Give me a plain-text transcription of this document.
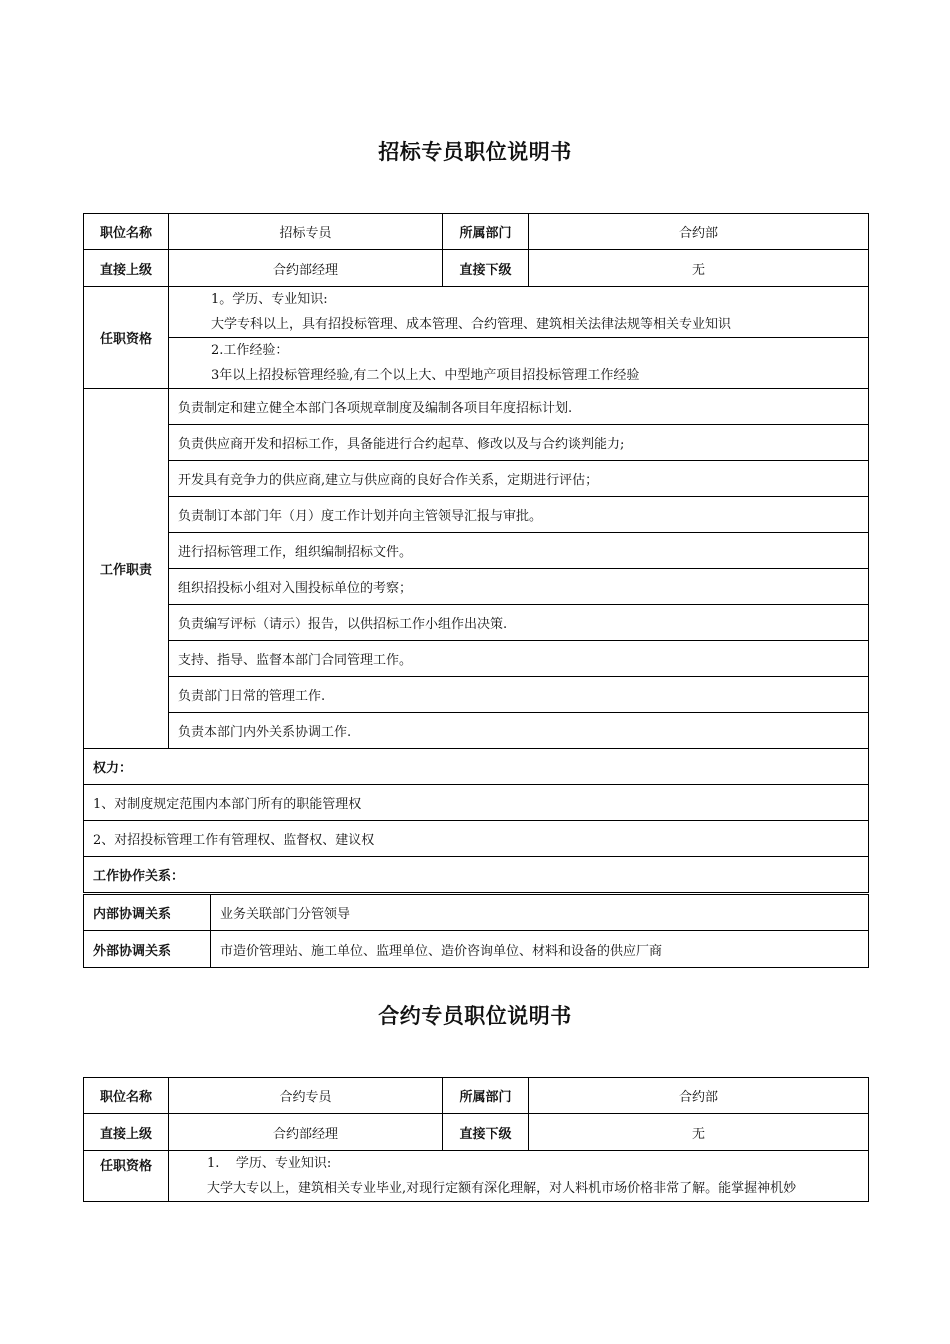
招标专员职位说明书
职位名称	招标专员	所属部门	合约部
直接上级	合约部经理	直接下级	无
任职资格	1。学历、专业知识:
大学专科以上，具有招投标管理、成本管理、合约管理、建筑相关法律法规等相关专业知识		

	2.工作经验：
3年以上招投标管理经验,有二个以上大、中型地产项目招投标管理工作经验		

工作职责	负责制定和建立健全本部门各项规章制度及编制各项目年度招标计划.		
	负责供应商开发和招标工作，具备能进行合约起草、修改以及与合约谈判能力;		
	开发具有竞争力的供应商,建立与供应商的良好合作关系，定期进行评估；		
	负责制订本部门年（月）度工作计划并向主管领导汇报与审批。		
	进行招标管理工作，组织编制招标文件。		
	组织招投标小组对入围投标单位的考察；		
	负责编写评标（请示）报告，以供招标工作小组作出决策.		
	支持、指导、监督本部门合同管理工作。		
	负责部门日常的管理工作.		
	负责本部门内外关系协调工作.		
权力：			
1、对制度规定范围内本部门所有的职能管理权			
2、对招投标管理工作有管理权、监督权、建议权			
工作协作关系：			
内部协调关系	业务关联部门分管领导
外部协调关系	市造价管理站、施工单位、监理单位、造价咨询单位、材料和设备的供应厂商
合约专员职位说明书
职位名称	合约专员	所属部门	合约部
直接上级	合约部经理	直接下级	无
任职资格	1.    学历、专业知识:
大学大专以上，建筑相关专业毕业,对现行定额有深化理解，对人料机市场价格非常了解。能掌握神机妙		
